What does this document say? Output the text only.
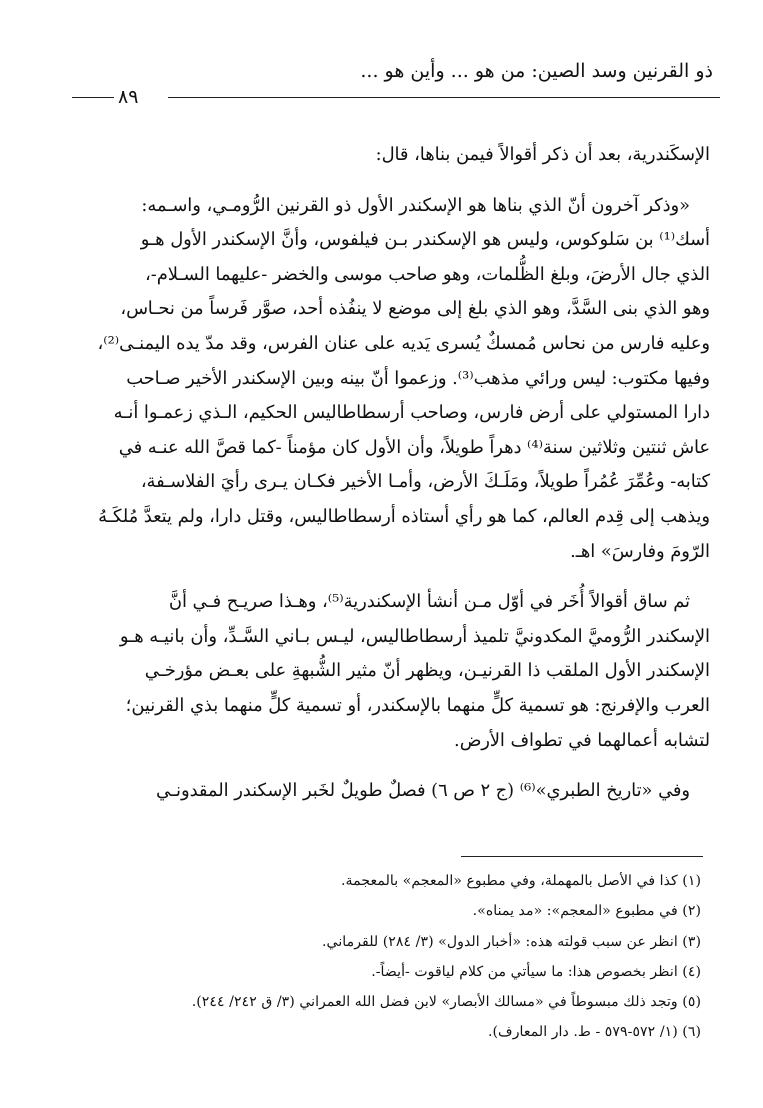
ذو القرنين وسد الصين: من هو ... وأين هو ...
٨٩

الإسكَندرية، بعد أن ذكر أقوالاً فيمن بناها، قال:

«وذكر آخرون أنّ الذي بناها هو الإسكندر الأول ذو القرنين الرُّومـي، واسـمه:

أسك⁽¹⁾ بن سَلوكوس، وليس هو الإسكندر بـن فيلفوس، وأنَّ الإسكندر الأول هـو

الذي جال الأرضَ، وبلغ الظُّلمات، وهو صاحب موسى والخضر -عليهما السـلام-،

وهو الذي بنى السَّدَّ، وهو الذي بلغ إلى موضع لا ينفُذه أحد، صوَّر فَرساً من نحـاس،

وعليه فارس من نحاس مُمسكٌ يُسرى يَديه على عنان الفرس، وقد مدّ يده اليمنـى⁽²⁾،

وفيها مكتوب: ليس ورائي مذهب⁽³⁾. وزعموا أنّ بينه وبين الإسكندر الأخير صـاحب

دارا المستولي على أرض فارس، وصاحب أرسطاطاليس الحكيم، الـذي زعمـوا أنـه

عاش ثنتين وثلاثين سنة⁽⁴⁾ دهراً طويلاً، وأن الأول كان مؤمناً -كما قصَّ الله عنـه في

كتابه- وعُمِّرَ عُمُراً طويلاً، ومَلَـكَ الأرض، وأمـا الأخير فكـان يـرى رأيَ الفلاسـفة،

ويذهب إلى قِدم العالم، كما هو رأي أستاذه أرسطاطاليس، وقتل دارا، ولم يتعدَّ مُلكَـهُ

الرّومَ وفارسَ» اهـ.

ثم ساق أقوالاً أُخَر في أوّل مـن أنشأ الإسكندرية⁽⁵⁾، وهـذا صريـح فـي أنَّ

الإسكندر الرُّوميَّ المكدونيَّ تلميذ أرسطاطاليس، ليـس بـاني السَّـدِّ، وأن بانيـه هـو

الإسكندر الأول الملقب ذا القرنيـن، ويظهر أنّ مثير الشُّبهةِ على بعـض مؤرخـي

العرب والإفرنج: هو تسمية كلٍّ منهما بالإسكندر، أو تسمية كلٍّ منهما بذي القرنين؛

لتشابه أعمالهما في تطواف الأرض.

وفي «تاريخ الطبري»⁽⁶⁾ (ج ٢ ص ٦) فصلٌ طويلٌ لخَبر الإسكندر المقدونـي

(١) كذا في الأصل بالمهملة، وفي مطبوع «المعجم» بالمعجمة.
(٢) في مطبوع «المعجم»: «مد يمناه».
(٣) انظر عن سبب قولته هذه: «أخبار الدول» (٣/ ٢٨٤) للقرماني.
(٤) انظر بخصوص هذا: ما سيأتي من كلام لياقوت -أيضاً-.
(٥) وتجد ذلك مبسوطاً في «مسالك الأبصار» لابن فضل الله العمراني (٣/ ق ٢٤٢/ ٢٤٤).
(٦) (١/ ٥٧٢-٥٧٩ - ط. دار المعارف).
